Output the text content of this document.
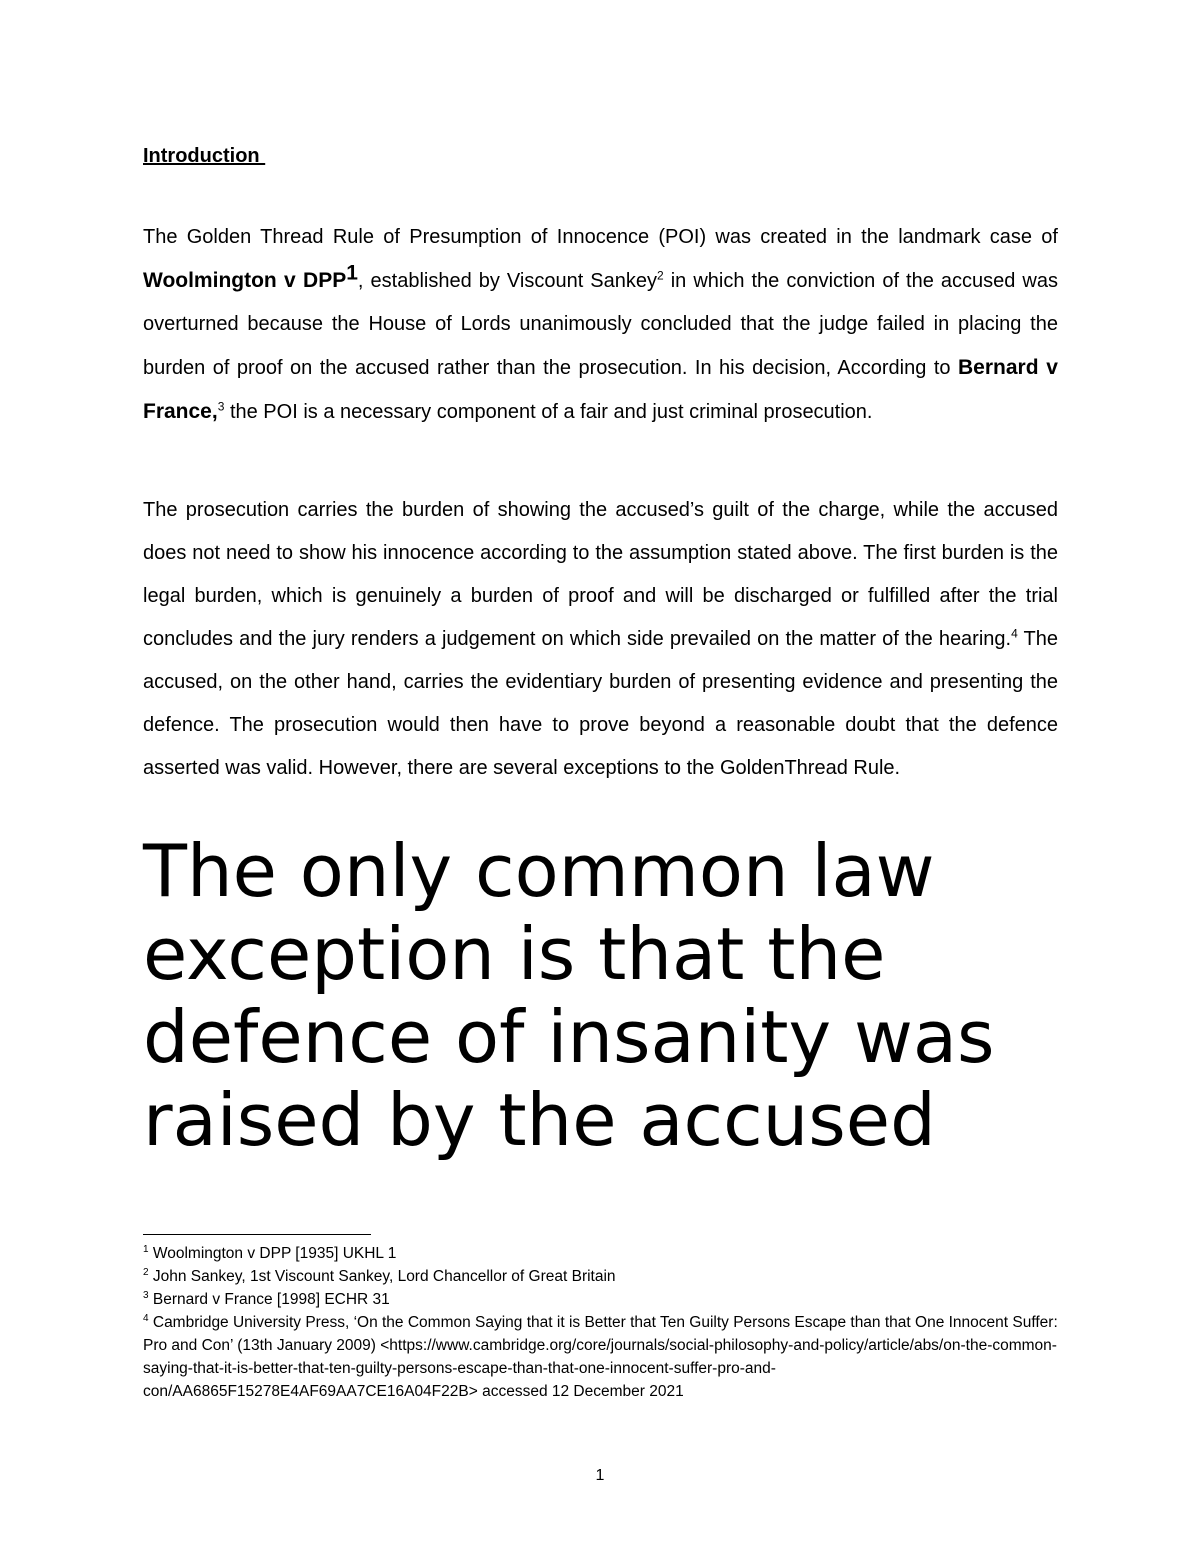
Introduction

The Golden Thread Rule of Presumption of Innocence (POI) was created in the landmark case of Woolmington v DPP$^1$, established by Viscount Sankey$^2$ in which the conviction of the accused was overturned because the House of Lords unanimously concluded that the judge failed in placing the burden of proof on the accused rather than the prosecution. In his decision, According to Bernard v France,$^3$ the POI is a necessary component of a fair and just criminal prosecution.

The prosecution carries the burden of showing the accused’s guilt of the charge, while the accused does not need to show his innocence according to the assumption stated above. The first burden is the legal burden, which is genuinely a burden of proof and will be discharged or fulfilled after the trial concludes and the jury renders a judgement on which side prevailed on the matter of the hearing.$^4$ The accused, on the other hand, carries the evidentiary burden of presenting evidence and presenting the defence. The prosecution would then have to prove beyond a reasonable doubt that the defence asserted was valid. However, there are several exceptions to the GoldenThread Rule.

The only common law exception is that the defence of insanity was raised by the accused

$^1$ Woolmington v DPP [1935] UKHL 1

$^2$ John Sankey, 1st Viscount Sankey, Lord Chancellor of Great Britain

$^3$ Bernard v France [1998] ECHR 31

$^4$ Cambridge University Press, ‘On the Common Saying that it is Better that Ten Guilty Persons Escape than that One Innocent Suffer: Pro and Con’ (13th January 2009) <https://www.cambridge.org/core/journals/social-philosophy-and-policy/article/abs/on-the-common-saying-that-it-is-better-that-ten-guilty-persons-escape-than-that-one-innocent-suffer-pro-and-con/AA6865F15278E4AF69AA7CE16A04F22B> accessed 12 December 2021

1
